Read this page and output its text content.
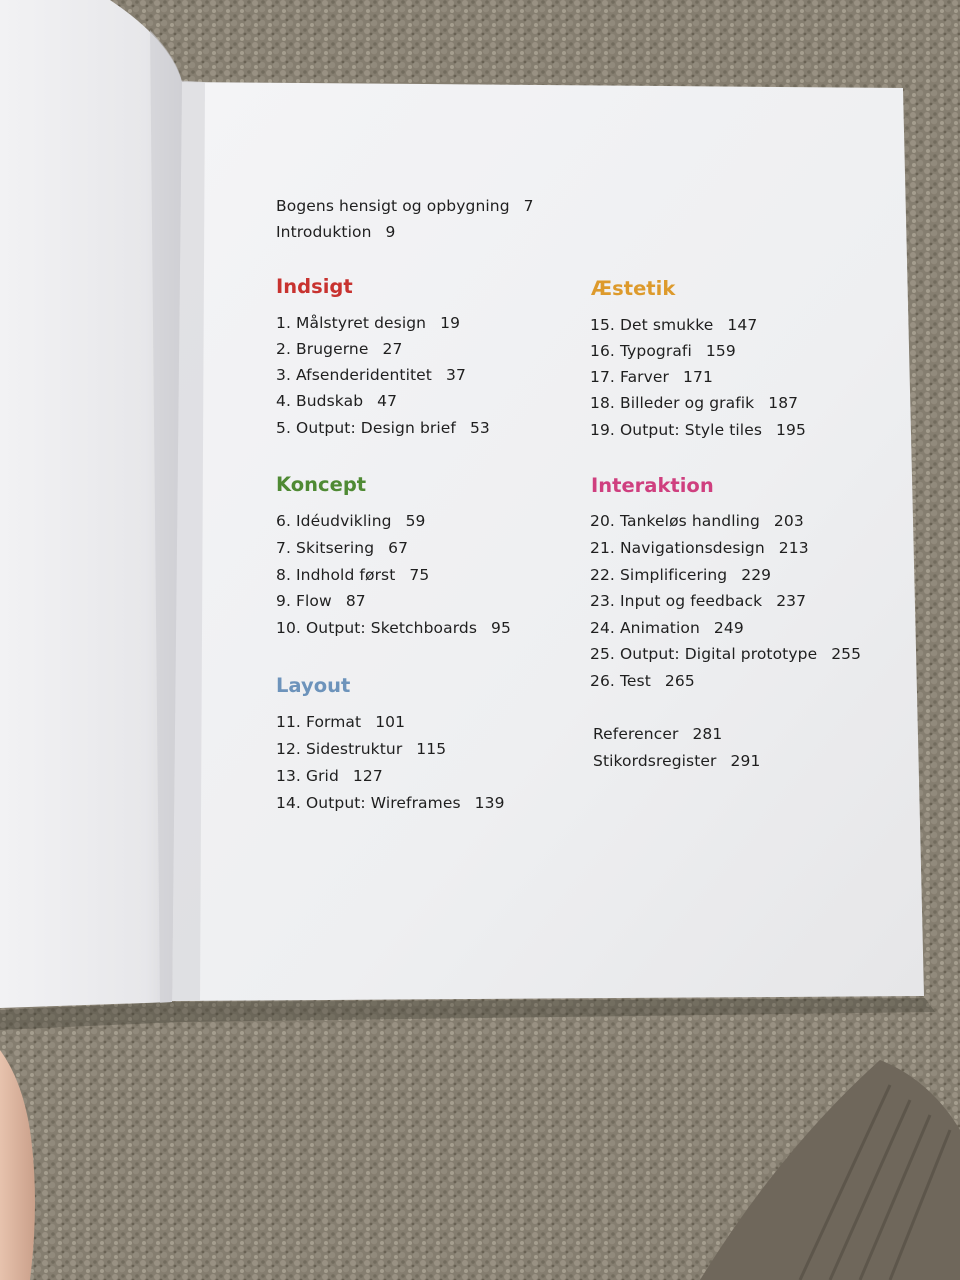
Bogens hensigt og opbygning 7
Introduktion 9
Indsigt
1. Målstyret design 19
2. Brugerne 27
3. Afsenderidentitet 37
4. Budskab 47
5. Output: Design brief 53
Koncept
6. Idéudvikling 59
7. Skitsering 67
8. Indhold først 75
9. Flow 87
10. Output: Sketchboards 95
Layout
11. Format 101
12. Sidestruktur 115
13. Grid 127
14. Output: Wireframes 139
Æstetik
15. Det smukke 147
16. Typografi 159
17. Farver 171
18. Billeder og grafik 187
19. Output: Style tiles 195
Interaktion
20. Tankeløs handling 203
21. Navigationsdesign 213
22. Simplificering 229
23. Input og feedback 237
24. Animation 249
25. Output: Digital prototype 255
26. Test 265
Referencer 281
Stikordsregister 291
